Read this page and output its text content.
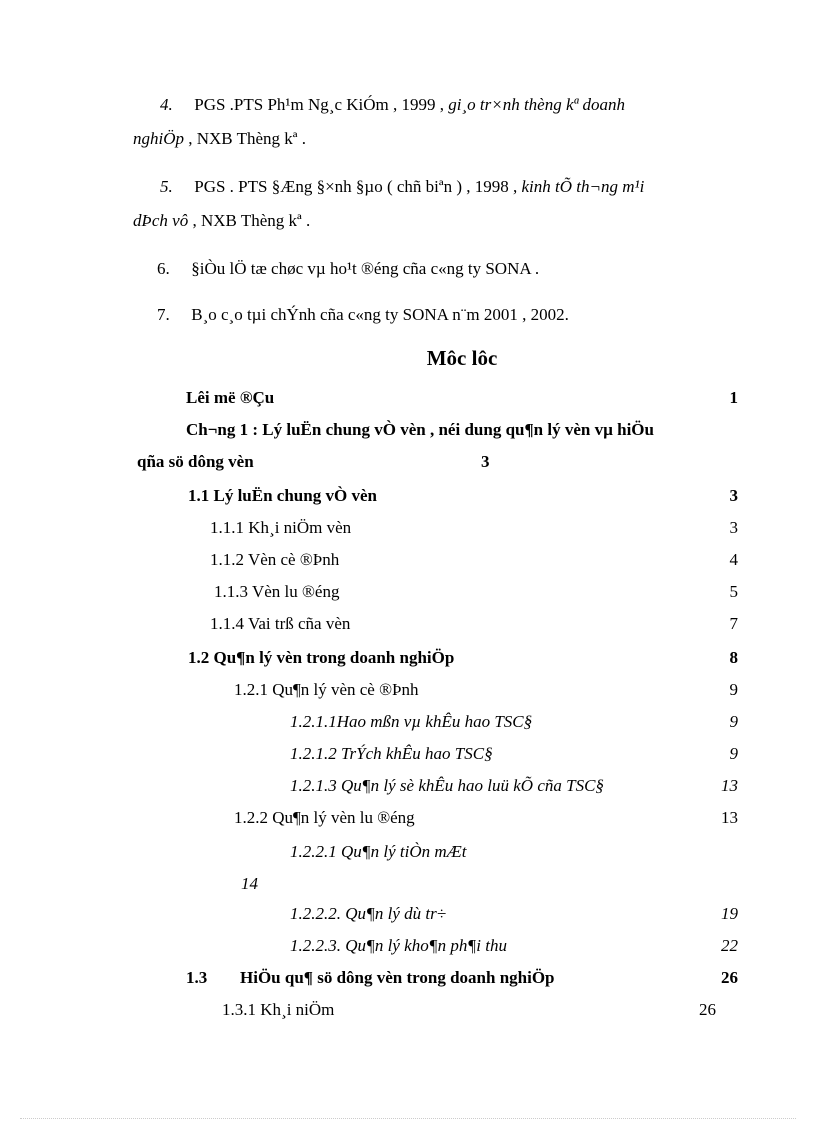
4. PGS .PTS Ph¹m Ng¸c KiÓm , 1999 , gi¸o tr×nh thèng kª doanh
nghiÖp , NXB Thèng kª .
5. PGS . PTS §Æng §×nh §µo ( chñ biªn ) , 1998 , kinh tÕ th¬ng m¹i
dÞch vô , NXB Thèng kª .
6. §iÒu lÖ tæ chøc vµ ho¹t ®éng cña c«ng ty SONA .
7. B¸o c¸o tµi chÝnh cña c«ng ty SONA n¨m 2001 , 2002.
Môc lôc
Lêi më ®Çu	1
Ch¬ng 1 : Lý luËn chung vÒ vèn , néi dung qu¶n lý vèn vµ hiÖu
qña sö dông vèn	3
1.1 Lý luËn chung vÒ vèn	3
1.1.1 Kh¸i niÖm vèn	3
1.1.2 Vèn cè ®Þnh	4
1.1.3 Vèn lu ®éng	5
1.1.4 Vai trß cña vèn	7
1.2 Qu¶n lý vèn trong doanh nghiÖp	8
1.2.1 Qu¶n lý vèn cè ®Þnh	9
1.2.1.1Hao mßn vµ khÊu hao TSC§	9
1.2.1.2 TrÝch khÊu hao TSC§	9
1.2.1.3 Qu¶n lý sè khÊu hao luü kÕ cña TSC§	13
1.2.2 Qu¶n lý vèn lu ®éng	13
1.2.2.1 Qu¶n lý tiÒn mÆt
14
1.2.2.2. Qu¶n lý dù tr÷	19
1.2.2.3. Qu¶n lý kho¶n ph¶i thu	22
1.3 HiÖu qu¶ sö dông vèn trong doanh nghiÖp	26
1.3.1 Kh¸i niÖm	26
